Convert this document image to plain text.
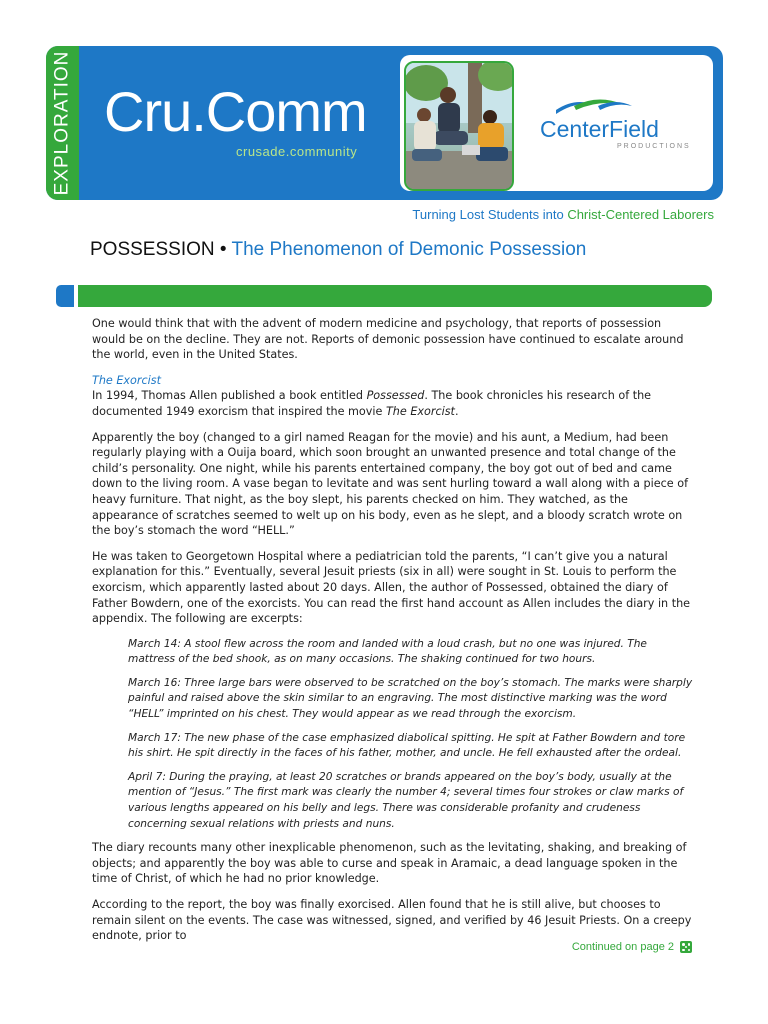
EXPLORATION Cru.Comm
crusade.community
CenterField
PRODUCTIONS
Turning Lost Students into Christ-Centered Laborers
POSSESSION • The Phenomenon of Demonic Possession

One would think that with the advent of modern medicine and psychology, that reports of possession would be on the decline. They are not. Reports of demonic possession have continued to escalate around the world, even in the United States.

The Exorcist

In 1994, Thomas Allen published a book entitled Possessed. The book chronicles his research of the documented 1949 exorcism that inspired the movie The Exorcist.

Apparently the boy (changed to a girl named Reagan for the movie) and his aunt, a Medium, had been regularly playing with a Ouija board, which soon brought an unwanted presence and total change of the child’s personality. One night, while his parents entertained company, the boy got out of bed and came down to the living room. A vase began to levitate and was sent hurling toward a wall along with a piece of heavy furniture. That night, as the boy slept, his parents checked on him. They watched, as the appearance of scratches seemed to welt up on his body, even as he slept, and a bloody scratch wrote on the boy’s stomach the word “HELL.”

He was taken to Georgetown Hospital where a pediatrician told the parents, “I can’t give you a natural explanation for this.” Eventually, several Jesuit priests (six in all) were sought in St. Louis to perform the exorcism, which apparently lasted about 20 days. Allen, the author of Possessed, obtained the diary of Father Bowdern, one of the exorcists. You can read the first hand account as Allen includes the diary in the appendix. The following are excerpts:

March 14: A stool flew across the room and landed with a loud crash, but no one was injured. The mattress of the bed shook, as on many occasions. The shaking continued for two hours.

March 16: Three large bars were observed to be scratched on the boy’s stomach. The marks were sharply painful and raised above the skin similar to an engraving. The most distinctive marking was the word “HELL” imprinted on his chest. They would appear as we read through the exorcism.

March 17: The new phase of the case emphasized diabolical spitting. He spit at Father Bowdern and tore his shirt. He spit directly in the faces of his father, mother, and uncle. He fell exhausted after the ordeal.

April 7: During the praying, at least 20 scratches or brands appeared on the boy’s body, usually at the mention of “Jesus.” The first mark was clearly the number 4; several times four strokes or claw marks of various lengths appeared on his belly and legs. There was considerable profanity and crudeness concerning sexual relations with priests and nuns.

The diary recounts many other inexplicable phenomenon, such as the levitating, shaking, and breaking of objects; and apparently the boy was able to curse and speak in Aramaic, a dead language spoken in the time of Christ, of which he had no prior knowledge.

According to the report, the boy was finally exorcised. Allen found that he is still alive, but chooses to remain silent on the events. The case was witnessed, signed, and verified by 46 Jesuit Priests. On a creepy endnote, prior to

Continued on page 2
